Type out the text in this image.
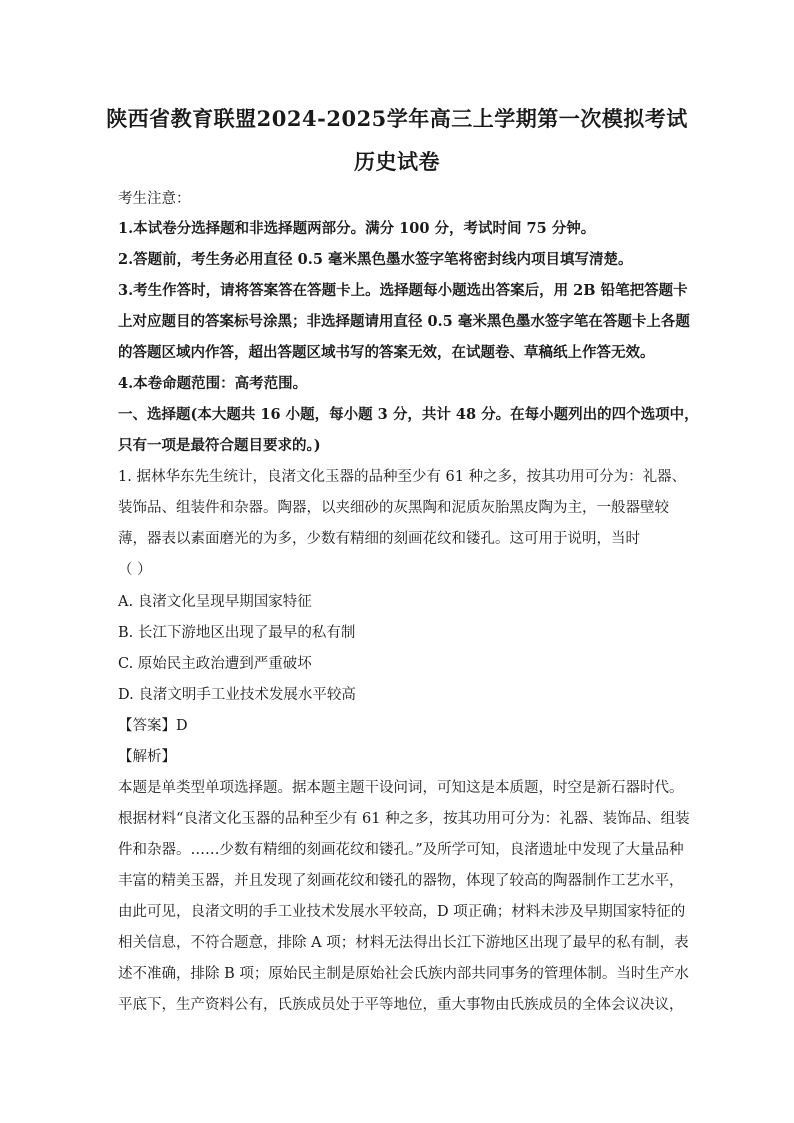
陕西省教育联盟2024-2025学年高三上学期第一次模拟考试
历史试卷
考生注意：
1.本试卷分选择题和非选择题两部分。满分 100 分，考试时间 75 分钟。
2.答题前，考生务必用直径 0.5 毫米黑色墨水签字笔将密封线内项目填写清楚。
3.考生作答时，请将答案答在答题卡上。选择题每小题选出答案后，用 2B 铅笔把答题卡
上对应题目的答案标号涂黑；非选择题请用直径 0.5 毫米黑色墨水签字笔在答题卡上各题
的答题区域内作答，超出答题区域书写的答案无效，在试题卷、草稿纸上作答无效。
4.本卷命题范围：高考范围。
一、选择题(本大题共 16 小题，每小题 3 分，共计 48 分。在每小题列出的四个选项中，
只有一项是最符合题目要求的。)
1. 据林华东先生统计，良渚文化玉器的品种至少有 61 种之多，按其功用可分为：礼器、
装饰品、组装件和杂器。陶器，以夹细砂的灰黑陶和泥质灰胎黑皮陶为主，一般器壁较
薄，器表以素面磨光的为多，少数有精细的刻画花纹和镂孔。这可用于说明，当时
（ ）
A. 良渚文化呈现早期国家特征
B. 长江下游地区出现了最早的私有制
C. 原始民主政治遭到严重破坏
D. 良渚文明手工业技术发展水平较高
【答案】D
【解析】
本题是单类型单项选择题。据本题主题干设问词，可知这是本质题，时空是新石器时代。
根据材料“良渚文化玉器的品种至少有 61 种之多，按其功用可分为：礼器、装饰品、组装
件和杂器。……少数有精细的刻画花纹和镂孔。”及所学可知，良渚遗址中发现了大量品种
丰富的精美玉器，并且发现了刻画花纹和镂孔的器物，体现了较高的陶器制作工艺水平，
由此可见，良渚文明的手工业技术发展水平较高，D 项正确；材料未涉及早期国家特征的
相关信息，不符合题意，排除 A 项；材料无法得出长江下游地区出现了最早的私有制，表
述不准确，排除 B 项；原始民主制是原始社会氏族内部共同事务的管理体制。当时生产水
平底下，生产资料公有，氏族成员处于平等地位，重大事物由氏族成员的全体会议决议，
